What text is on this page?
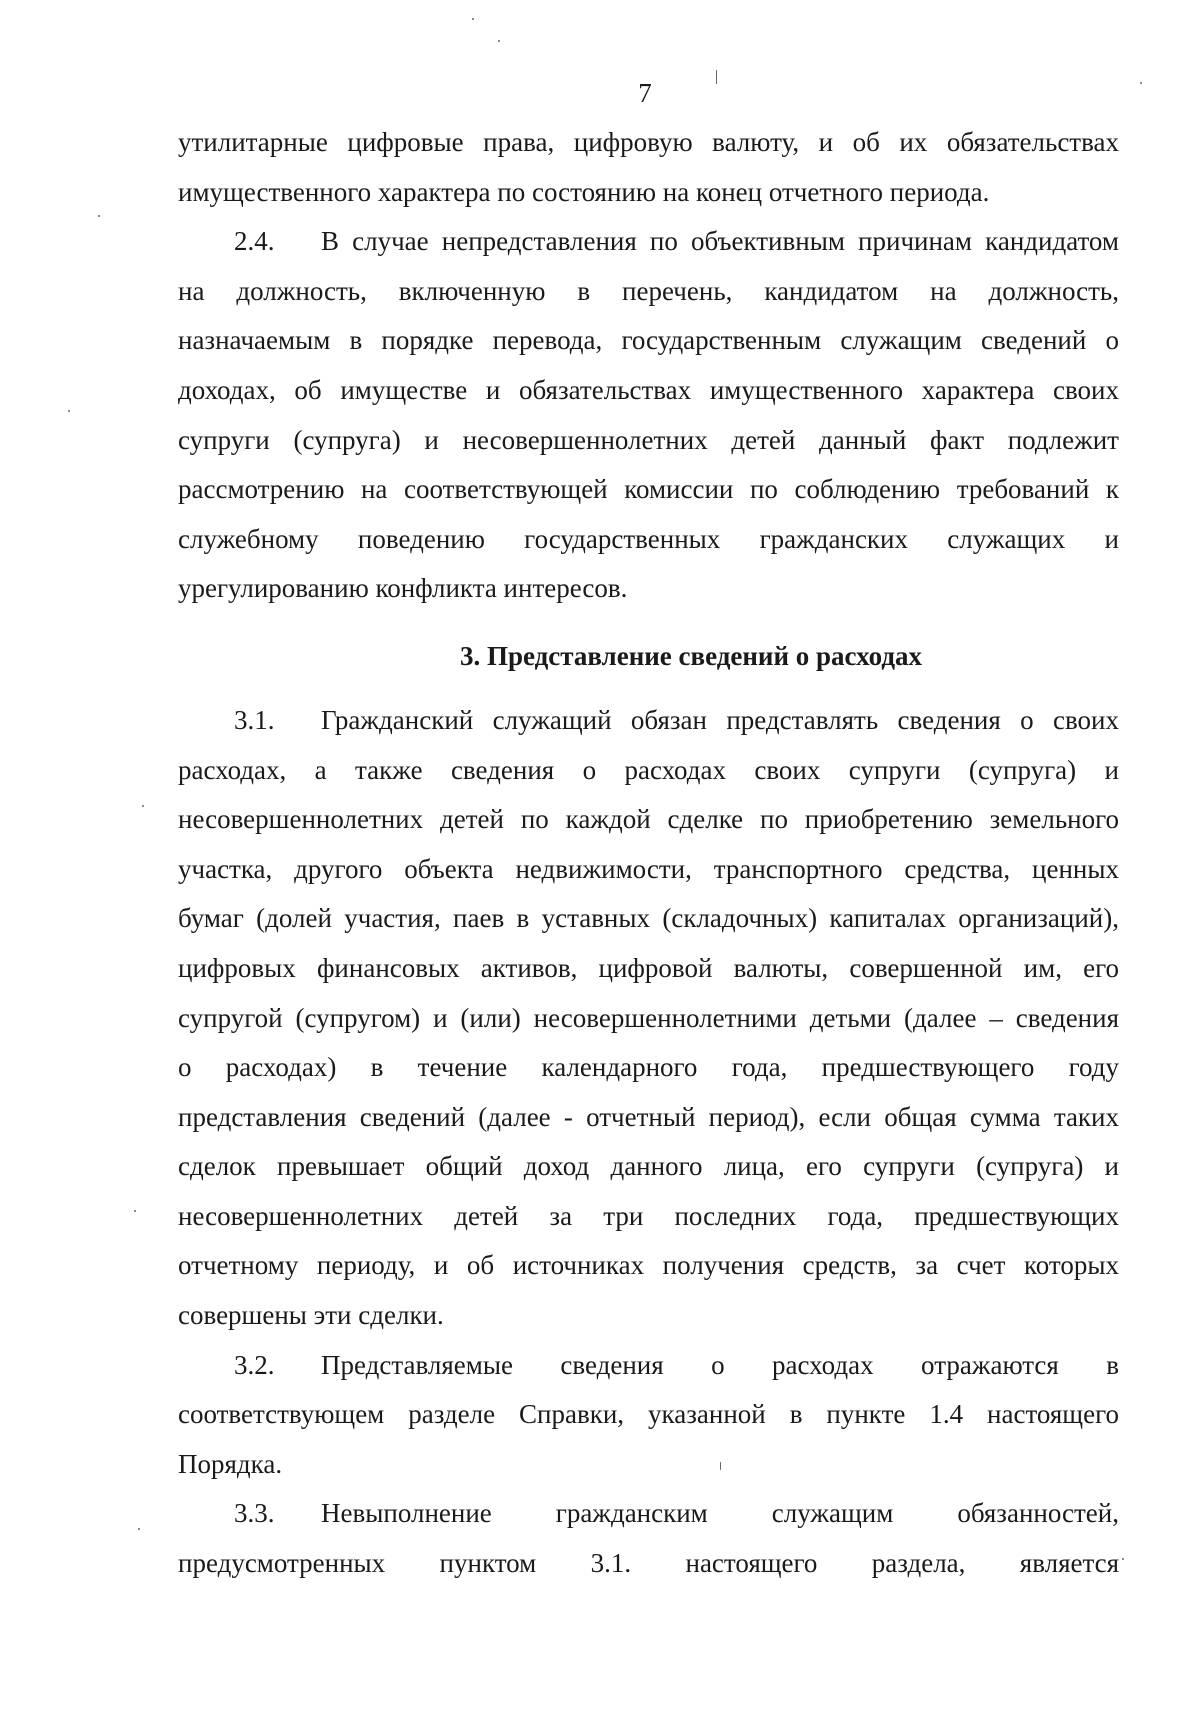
7
утилитарные цифровые права, цифровую валюту, и об их обязательствах
имущественного характера по состоянию на конец отчетного периода.
2.4. В случае непредставления по объективным причинам кандидатом
на должность, включенную в перечень, кандидатом на должность,
назначаемым в порядке перевода, государственным служащим сведений о
доходах, об имуществе и обязательствах имущественного характера своих
супруги (супруга) и несовершеннолетних детей данный факт подлежит
рассмотрению на соответствующей комиссии по соблюдению требований к
служебному поведению государственных гражданских служащих и
урегулированию конфликта интересов.
3. Представление сведений о расходах
3.1. Гражданский служащий обязан представлять сведения о своих
расходах, а также сведения о расходах своих супруги (супруга) и
несовершеннолетних детей по каждой сделке по приобретению земельного
участка, другого объекта недвижимости, транспортного средства, ценных
бумаг (долей участия, паев в уставных (складочных) капиталах организаций),
цифровых финансовых активов, цифровой валюты, совершенной им, его
супругой (супругом) и (или) несовершеннолетними детьми (далее – сведения
о расходах) в течение календарного года, предшествующего году
представления сведений (далее - отчетный период), если общая сумма таких
сделок превышает общий доход данного лица, его супруги (супруга) и
несовершеннолетних детей за три последних года, предшествующих
отчетному периоду, и об источниках получения средств, за счет которых
совершены эти сделки.
3.2. Представляемые сведения о расходах отражаются в
соответствующем разделе Справки, указанной в пункте 1.4 настоящего
Порядка.
3.3. Невыполнение гражданским служащим обязанностей,
предусмотренных пунктом 3.1. настоящего раздела, является
